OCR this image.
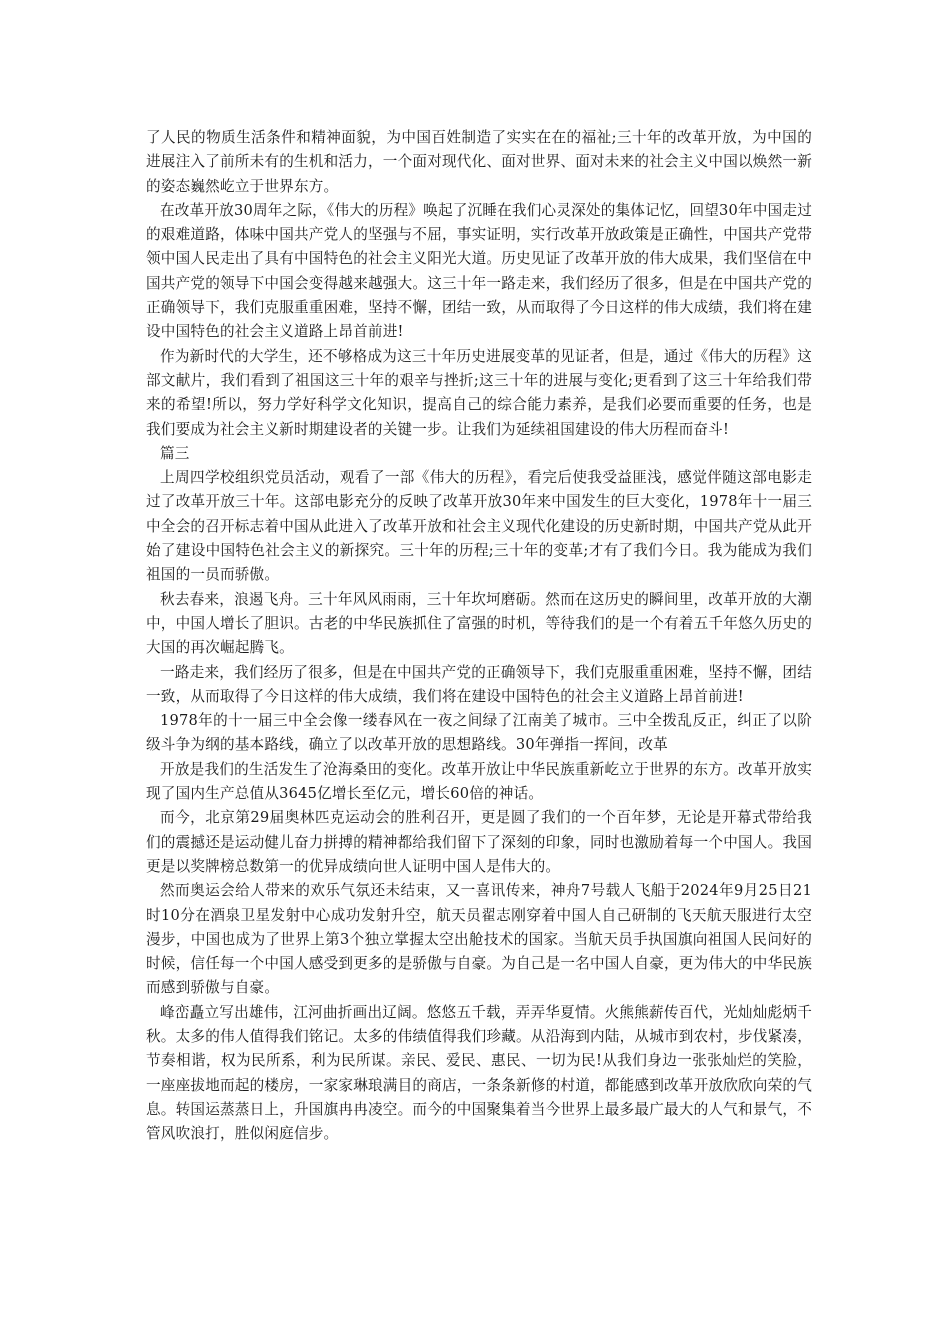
了人民的物质生活条件和精神面貌，为中国百姓制造了实实在在的福祉;三十年的改革开放，为中国的进展注入了前所未有的生机和活力，一个面对现代化、面对世界、面对未来的社会主义中国以焕然一新的姿态巍然屹立于世界东方。

在改革开放30周年之际，《伟大的历程》唤起了沉睡在我们心灵深处的集体记忆，回望30年中国走过的艰难道路，体味中国共产党人的坚强与不屈，事实证明，实行改革开放政策是正确性，中国共产党带领中国人民走出了具有中国特色的社会主义阳光大道。历史见证了改革开放的伟大成果，我们坚信在中国共产党的领导下中国会变得越来越强大。这三十年一路走来，我们经历了很多，但是在中国共产党的正确领导下，我们克服重重困难，坚持不懈，团结一致，从而取得了今日这样的伟大成绩，我们将在建设中国特色的社会主义道路上昂首前进!

作为新时代的大学生，还不够格成为这三十年历史进展变革的见证者，但是，通过《伟大的历程》这部文献片，我们看到了祖国这三十年的艰辛与挫折;这三十年的进展与变化;更看到了这三十年给我们带来的希望!所以，努力学好科学文化知识，提高自己的综合能力素养，是我们必要而重要的任务，也是我们要成为社会主义新时期建设者的关键一步。让我们为延续祖国建设的伟大历程而奋斗!

篇三

上周四学校组织党员活动，观看了一部《伟大的历程》，看完后使我受益匪浅，感觉伴随这部电影走过了改革开放三十年。这部电影充分的反映了改革开放30年来中国发生的巨大变化，1978年十一届三中全会的召开标志着中国从此进入了改革开放和社会主义现代化建设的历史新时期，中国共产党从此开始了建设中国特色社会主义的新探究。三十年的历程;三十年的变革;才有了我们今日。我为能成为我们祖国的一员而骄傲。

秋去春来，浪遏飞舟。三十年风风雨雨，三十年坎坷磨砺。然而在这历史的瞬间里，改革开放的大潮中，中国人增长了胆识。古老的中华民族抓住了富强的时机，等待我们的是一个有着五千年悠久历史的大国的再次崛起腾飞。

一路走来，我们经历了很多，但是在中国共产党的正确领导下，我们克服重重困难，坚持不懈，团结一致，从而取得了今日这样的伟大成绩，我们将在建设中国特色的社会主义道路上昂首前进!

1978年的十一届三中全会像一缕春风在一夜之间绿了江南美了城市。三中全拨乱反正，纠正了以阶级斗争为纲的基本路线，确立了以改革开放的思想路线。30年弹指一挥间，改革

开放是我们的生活发生了沧海桑田的变化。改革开放让中华民族重新屹立于世界的东方。改革开放实现了国内生产总值从3645亿增长至亿元，增长60倍的神话。

而今，北京第29届奥林匹克运动会的胜利召开，更是圆了我们的一个百年梦，无论是开幕式带给我们的震撼还是运动健儿奋力拼搏的精神都给我们留下了深刻的印象，同时也激励着每一个中国人。我国更是以奖牌榜总数第一的优异成绩向世人证明中国人是伟大的。

然而奥运会给人带来的欢乐气氛还未结束，又一喜讯传来，神舟7号载人飞船于2024年9月25日21时10分在酒泉卫星发射中心成功发射升空，航天员翟志刚穿着中国人自己研制的飞天航天服进行太空漫步，中国也成为了世界上第3个独立掌握太空出舱技术的国家。当航天员手执国旗向祖国人民问好的时候，信任每一个中国人感受到更多的是骄傲与自豪。为自己是一名中国人自豪，更为伟大的中华民族而感到骄傲与自豪。

峰峦矗立写出雄伟，江河曲折画出辽阔。悠悠五千载，弄弄华夏情。火熊熊薪传百代，光灿灿彪炳千秋。太多的伟人值得我们铭记。太多的伟绩值得我们珍藏。从沿海到内陆，从城市到农村，步伐紧凑，节奏相谐，权为民所系，利为民所谋。亲民、爱民、惠民、一切为民!从我们身边一张张灿烂的笑脸，一座座拔地而起的楼房，一家家琳琅满目的商店，一条条新修的村道，都能感到改革开放欣欣向荣的气息。转国运蒸蒸日上，升国旗冉冉凌空。而今的中国聚集着当今世界上最多最广最大的人气和景气，不管风吹浪打，胜似闲庭信步。
